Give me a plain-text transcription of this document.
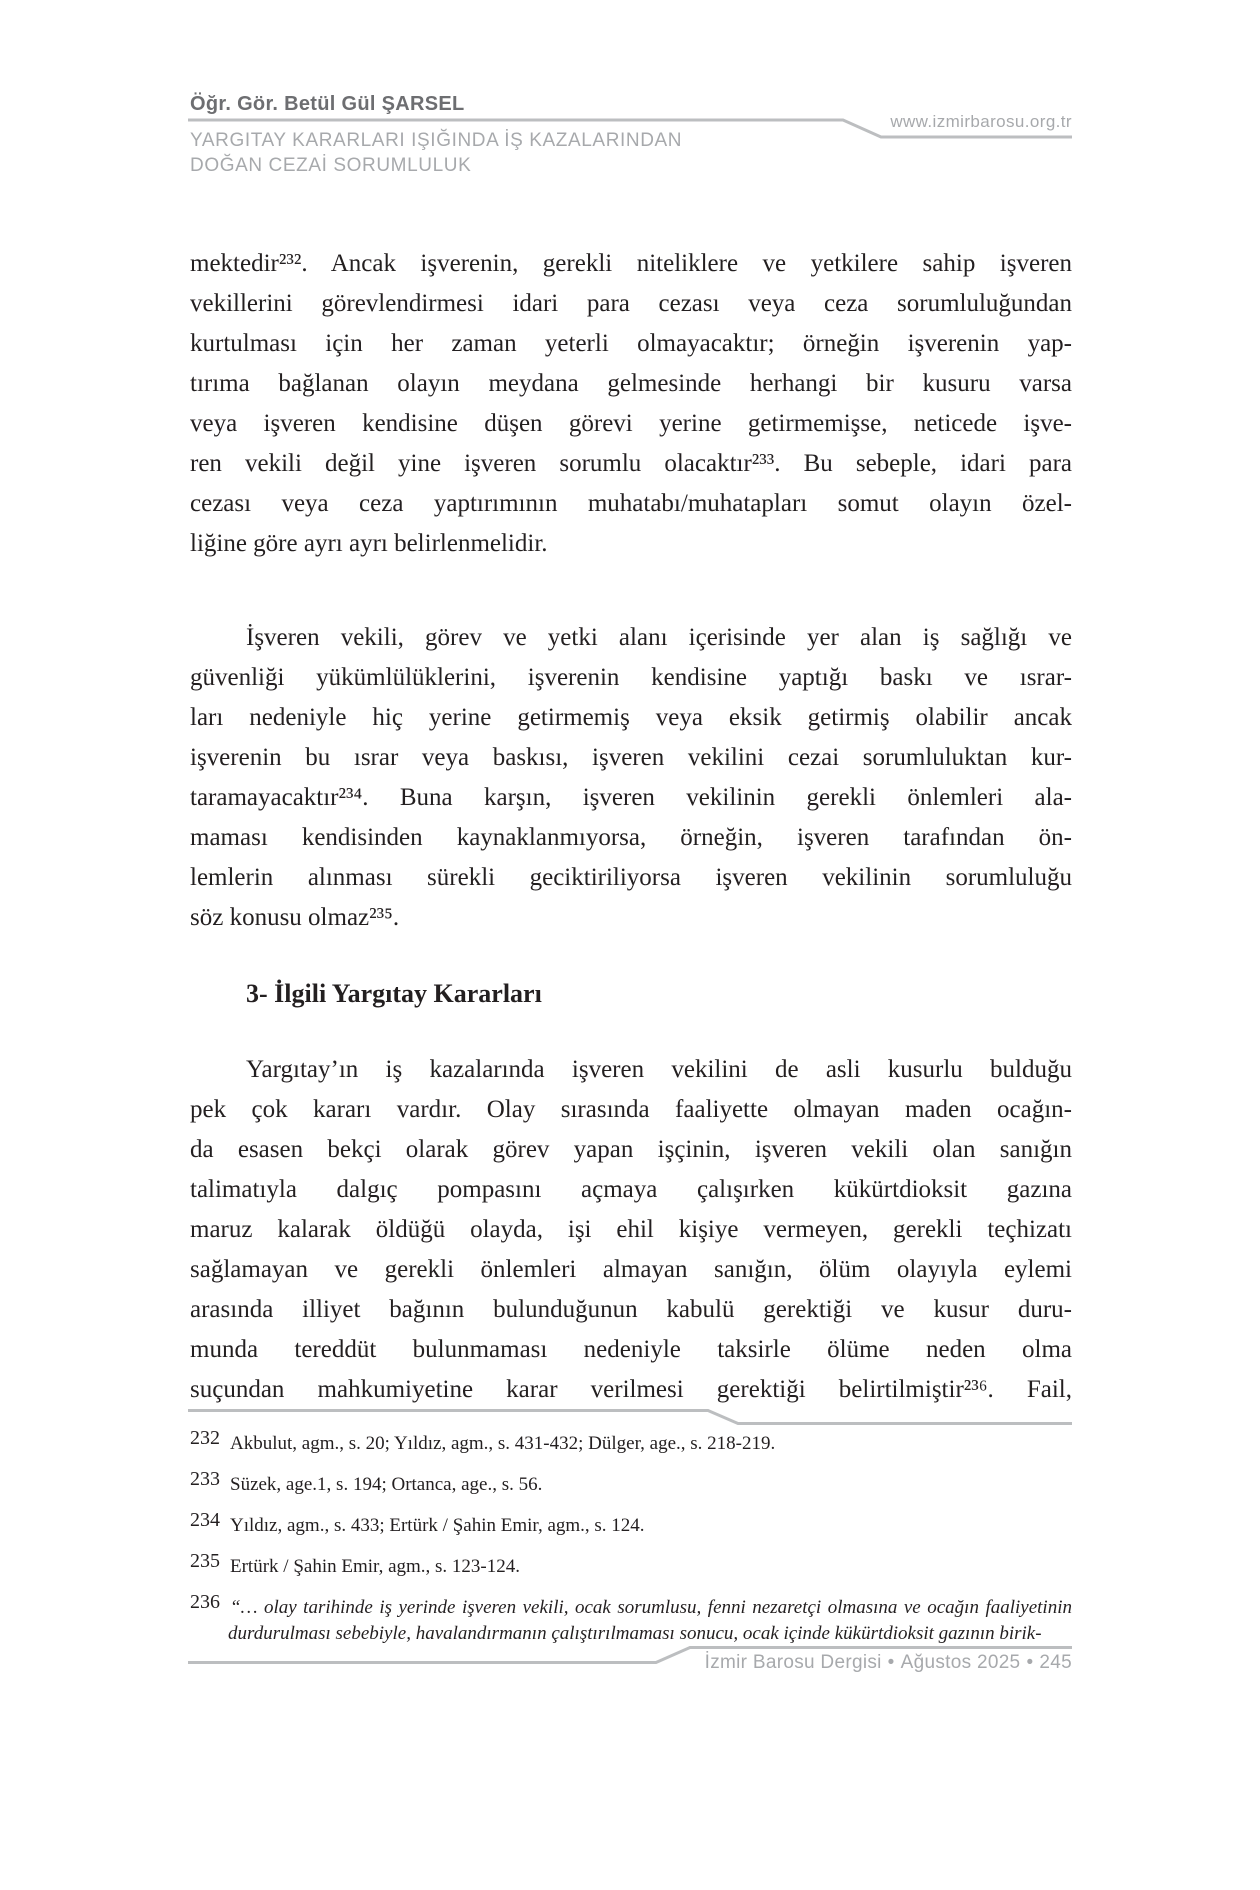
Öğr. Gör. Betül Gül ŞARSEL
www.izmirbarosu.org.tr
YARGITAY KARARLARI IŞIĞINDA İŞ KAZALARINDAN
DOĞAN CEZAİ SORUMLULUK
mektedir²³². Ancak işverenin, gerekli niteliklere ve yetkilere sahip işveren
vekillerini görevlendirmesi idari para cezası veya ceza sorumluluğundan
kurtulması için her zaman yeterli olmayacaktır; örneğin işverenin yap-
tırıma bağlanan olayın meydana gelmesinde herhangi bir kusuru varsa
veya işveren kendisine düşen görevi yerine getirmemişse, neticede işve-
ren vekili değil yine işveren sorumlu olacaktır²³³. Bu sebeple, idari para
cezası veya ceza yaptırımının muhatabı/muhatapları somut olayın özel-
liğine göre ayrı ayrı belirlenmelidir.
İşveren vekili, görev ve yetki alanı içerisinde yer alan iş sağlığı ve
güvenliği yükümlülüklerini, işverenin kendisine yaptığı baskı ve ısrar-
ları nedeniyle hiç yerine getirmemiş veya eksik getirmiş olabilir ancak
işverenin bu ısrar veya baskısı, işveren vekilini cezai sorumluluktan kur-
taramayacaktır²³⁴. Buna karşın, işveren vekilinin gerekli önlemleri ala-
maması kendisinden kaynaklanmıyorsa, örneğin, işveren tarafından ön-
lemlerin alınması sürekli geciktiriliyorsa işveren vekilinin sorumluluğu
söz konusu olmaz²³⁵.
3- İlgili Yargıtay Kararları
Yargıtay’ın iş kazalarında işveren vekilini de asli kusurlu bulduğu
pek çok kararı vardır. Olay sırasında faaliyette olmayan maden ocağın-
da esasen bekçi olarak görev yapan işçinin, işveren vekili olan sanığın
talimatıyla dalgıç pompasını açmaya çalışırken kükürtdioksit gazına
maruz kalarak öldüğü olayda, işi ehil kişiye vermeyen, gerekli teçhizatı
sağlamayan ve gerekli önlemleri almayan sanığın, ölüm olayıyla eylemi
arasında illiyet bağının bulunduğunun kabulü gerektiği ve kusur duru-
munda tereddüt bulunmaması nedeniyle taksirle ölüme neden olma
suçundan mahkumiyetine karar verilmesi gerektiği belirtilmiştir²³⁶. Fail,
232 Akbulut, agm., s. 20; Yıldız, agm., s. 431-432; Dülger, age., s. 218-219.
233 Süzek, age.1, s. 194; Ortanca, age., s. 56.
234 Yıldız, agm., s. 433; Ertürk / Şahin Emir, agm., s. 124.
235 Ertürk / Şahin Emir, agm., s. 123-124.
236 “… olay tarihinde iş yerinde işveren vekili, ocak sorumlusu, fenni nezaretçi olmasına ve ocağın faaliyetinin durdurulması sebebiyle, havalandırmanın çalıştırılmaması sonucu, ocak içinde kükürtdioksit gazının birik-
İzmir Barosu Dergisi • Ağustos 2025 • 245
